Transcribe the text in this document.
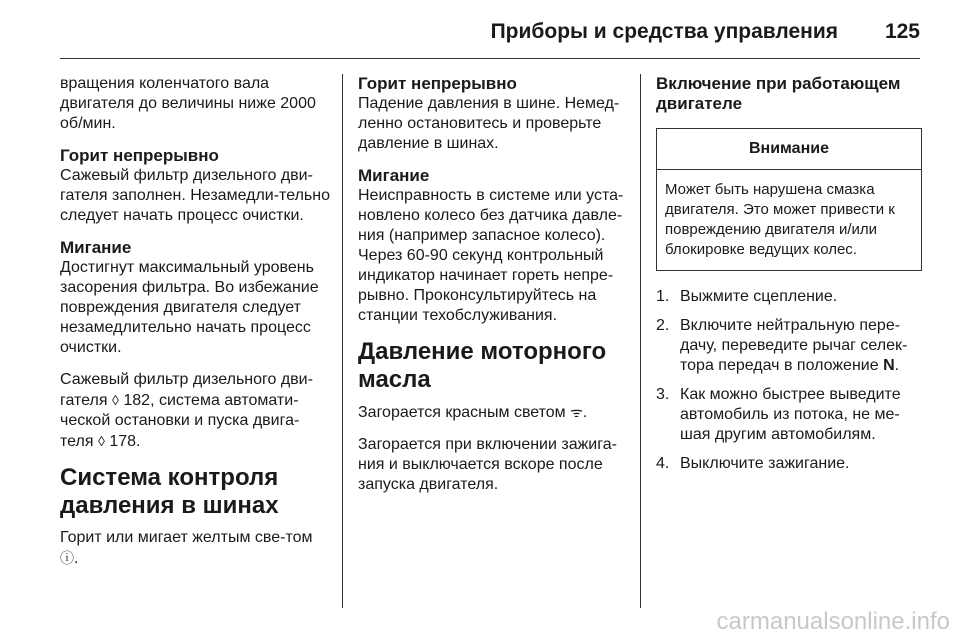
Приборы и средства управления 125

вращения коленчатого вала двигателя до величины ниже 2000 об/мин.

Горит непрерывно

Сажевый фильтр дизельного дви-гателя заполнен. Незамедли-тельно следует начать процесс очистки.

Мигание

Достигнут максимальный уровень засорения фильтра. Во избежание повреждения двигателя следует незамедлительно начать процесс очистки.

Сажевый фильтр дизельного дви-гателя ◊ 182, система автомати-ческой остановки и пуска двига-теля ◊ 178.

Система контроля давления в шинах

Горит или мигает желтым све-том ⓘ.

Горит непрерывно

Падение давления в шине. Немед-ленно остановитесь и проверьте давление в шинах.

Мигание

Неисправность в системе или уста-новлено колесо без датчика давле-ния (например запасное колесо). Через 60-90 секунд контрольный индикатор начинает гореть непре-рывно. Проконсультируйтесь на станции техобслуживания.

Давление моторного масла

Загорается красным светом ᯤ.

Загорается при включении зажига-ния и выключается вскоре после запуска двигателя.

Включение при работающем двигателе
Внимание
Может быть нарушена смазка двигателя. Это может привести к повреждению двигателя и/или блокировке ведущих колес.
1. Выжмите сцепление.
2. Включите нейтральную пере-дачу, переведите рычаг селек-тора передач в положение N.
3. Как можно быстрее выведите автомобиль из потока, не ме-шая другим автомобилям.
4. Выключите зажигание.
carmanualsonline.info
